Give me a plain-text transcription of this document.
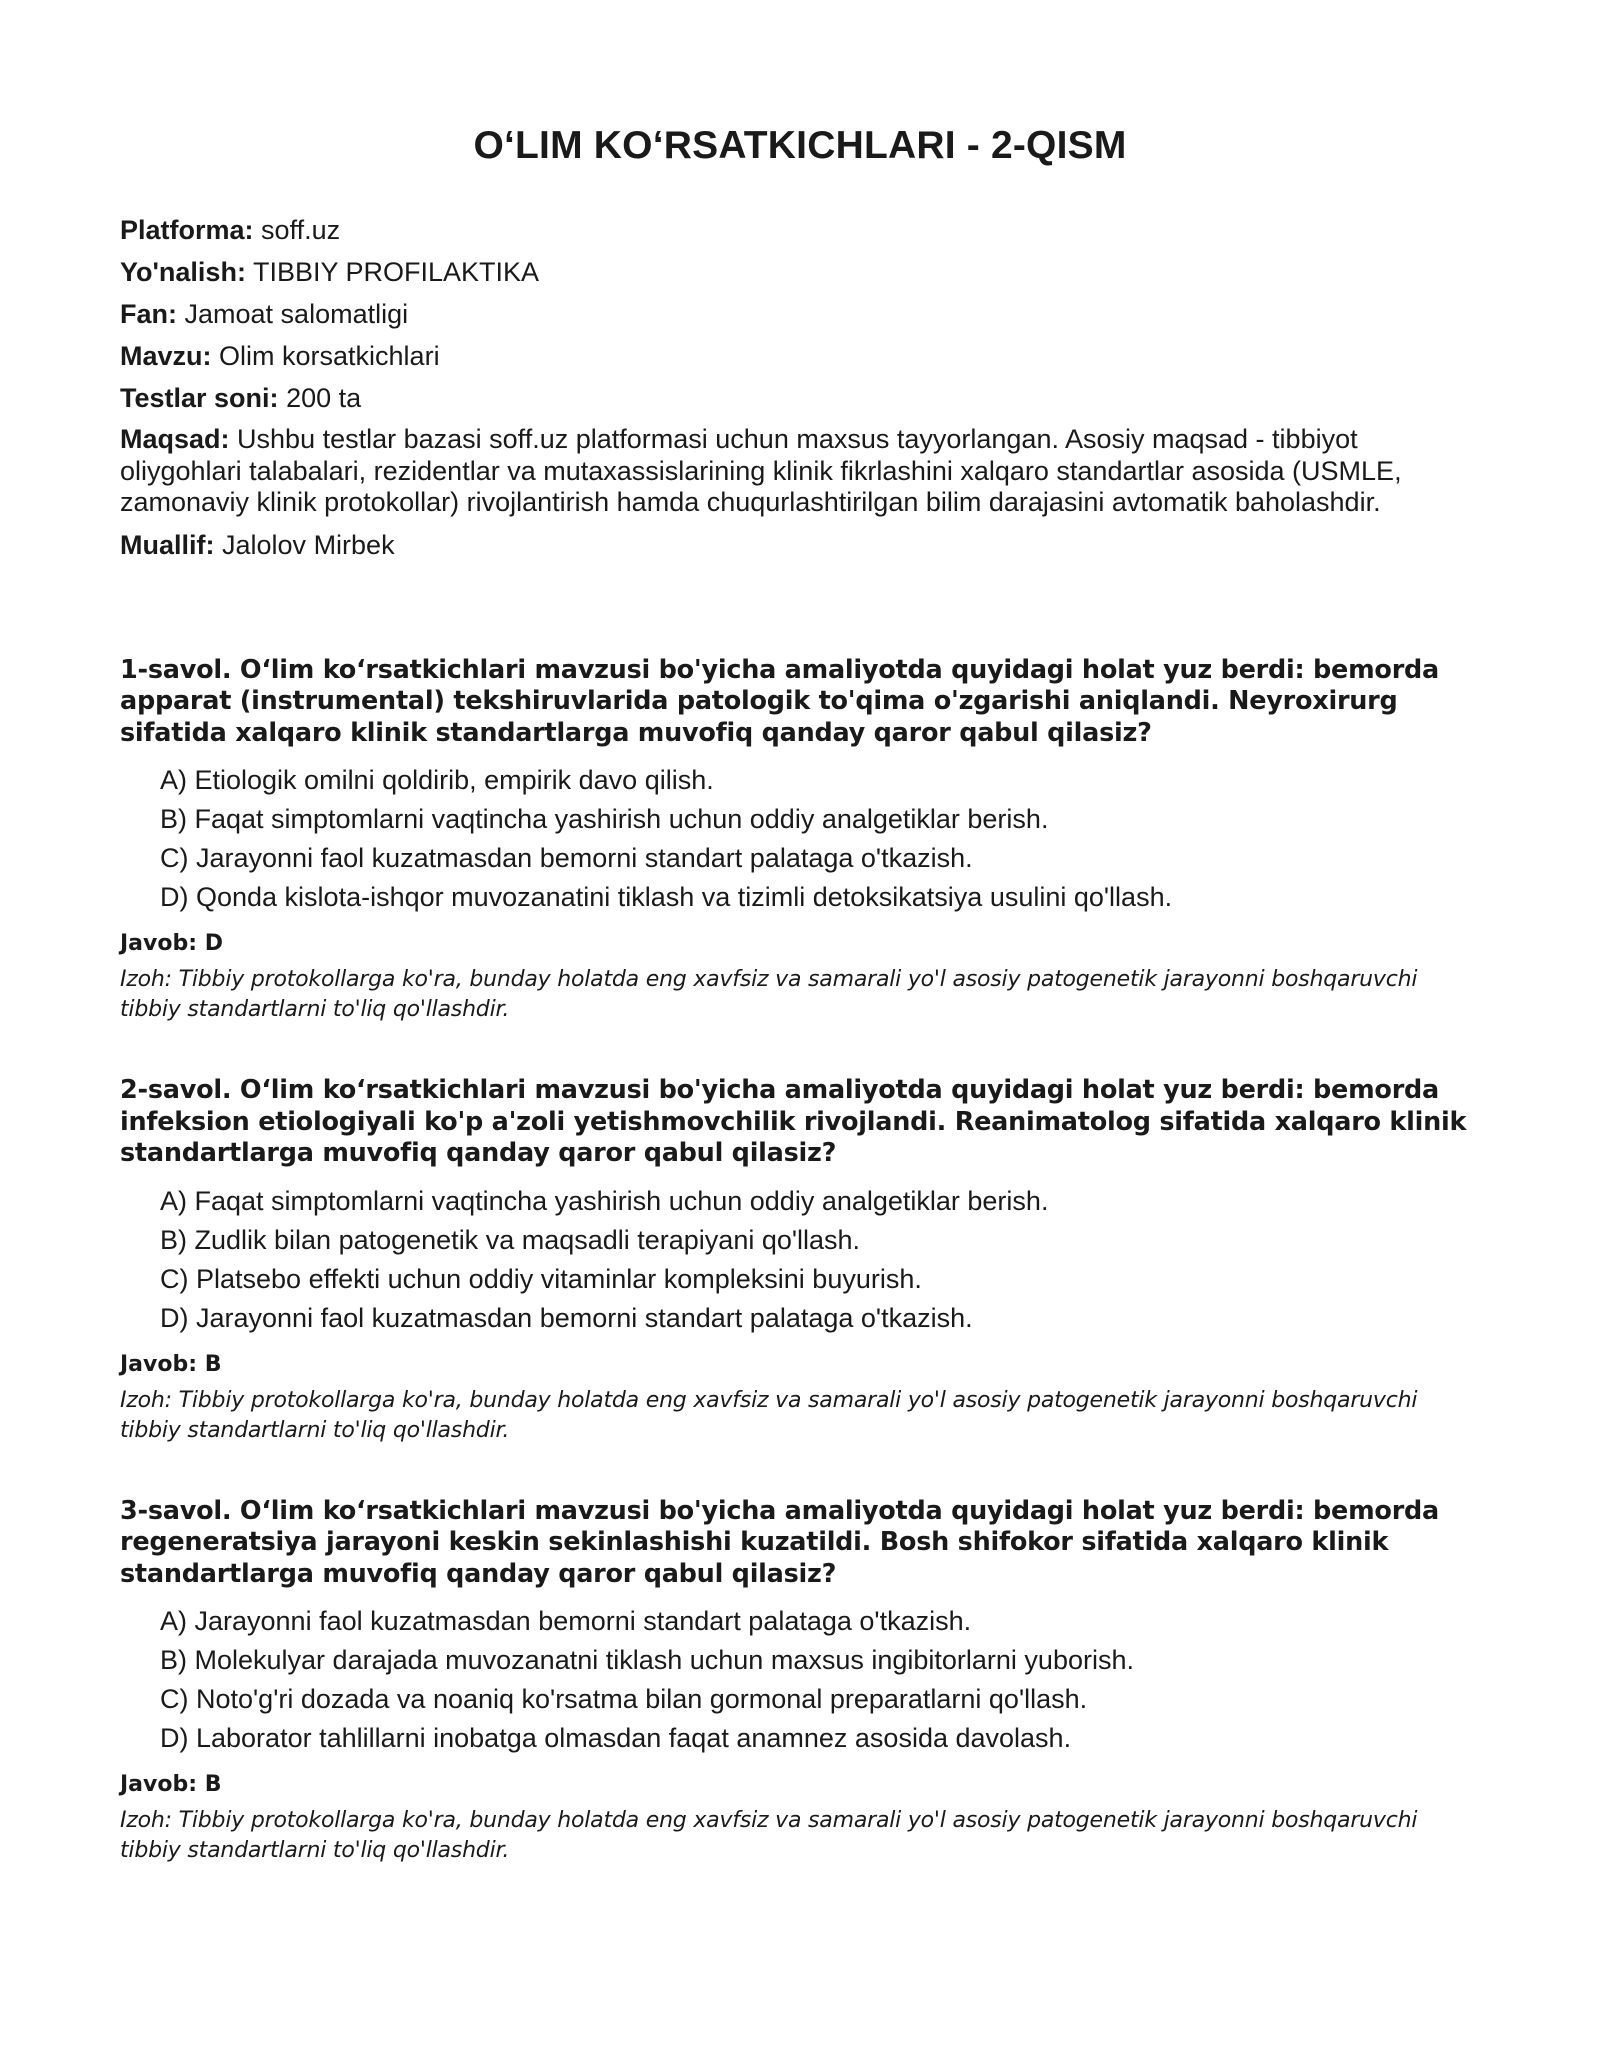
O‘LIM KO‘RSATKICHLARI - 2-QISM

Platforma: soff.uz

Yo'nalish: TIBBIY PROFILAKTIKA

Fan: Jamoat salomatligi

Mavzu: Olim korsatkichlari

Testlar soni: 200 ta

Maqsad: Ushbu testlar bazasi soff.uz platformasi uchun maxsus tayyorlangan. Asosiy maqsad - tibbiyot oliygohlari talabalari, rezidentlar va mutaxassislarining klinik fikrlashini xalqaro standartlar asosida (USMLE, zamonaviy klinik protokollar) rivojlantirish hamda chuqurlashtirilgan bilim darajasini avtomatik baholashdir.

Muallif: Jalolov Mirbek

1-savol. O‘lim ko‘rsatkichlari mavzusi bo'yicha amaliyotda quyidagi holat yuz berdi: bemorda apparat (instrumental) tekshiruvlarida patologik to'qima o'zgarishi aniqlandi. Neyroxirurg sifatida xalqaro klinik standartlarga muvofiq qanday qaror qabul qilasiz?

A) Etiologik omilni qoldirib, empirik davo qilish.
B) Faqat simptomlarni vaqtincha yashirish uchun oddiy analgetiklar berish.
C) Jarayonni faol kuzatmasdan bemorni standart palataga o'tkazish.
D) Qonda kislota-ishqor muvozanatini tiklash va tizimli detoksikatsiya usulini qo'llash.

Javob: D

Izoh: Tibbiy protokollarga ko'ra, bunday holatda eng xavfsiz va samarali yo'l asosiy patogenetik jarayonni boshqaruvchi tibbiy standartlarni to'liq qo'llashdir.

2-savol. O‘lim ko‘rsatkichlari mavzusi bo'yicha amaliyotda quyidagi holat yuz berdi: bemorda infeksion etiologiyali ko'p a'zoli yetishmovchilik rivojlandi. Reanimatolog sifatida xalqaro klinik standartlarga muvofiq qanday qaror qabul qilasiz?

A) Faqat simptomlarni vaqtincha yashirish uchun oddiy analgetiklar berish.
B) Zudlik bilan patogenetik va maqsadli terapiyani qo'llash.
C) Platsebo effekti uchun oddiy vitaminlar kompleksini buyurish.
D) Jarayonni faol kuzatmasdan bemorni standart palataga o'tkazish.

Javob: B

Izoh: Tibbiy protokollarga ko'ra, bunday holatda eng xavfsiz va samarali yo'l asosiy patogenetik jarayonni boshqaruvchi tibbiy standartlarni to'liq qo'llashdir.

3-savol. O‘lim ko‘rsatkichlari mavzusi bo'yicha amaliyotda quyidagi holat yuz berdi: bemorda regeneratsiya jarayoni keskin sekinlashishi kuzatildi. Bosh shifokor sifatida xalqaro klinik standartlarga muvofiq qanday qaror qabul qilasiz?

A) Jarayonni faol kuzatmasdan bemorni standart palataga o'tkazish.
B) Molekulyar darajada muvozanatni tiklash uchun maxsus ingibitorlarni yuborish.
C) Noto'g'ri dozada va noaniq ko'rsatma bilan gormonal preparatlarni qo'llash.
D) Laborator tahlillarni inobatga olmasdan faqat anamnez asosida davolash.

Javob: B

Izoh: Tibbiy protokollarga ko'ra, bunday holatda eng xavfsiz va samarali yo'l asosiy patogenetik jarayonni boshqaruvchi tibbiy standartlarni to'liq qo'llashdir.
